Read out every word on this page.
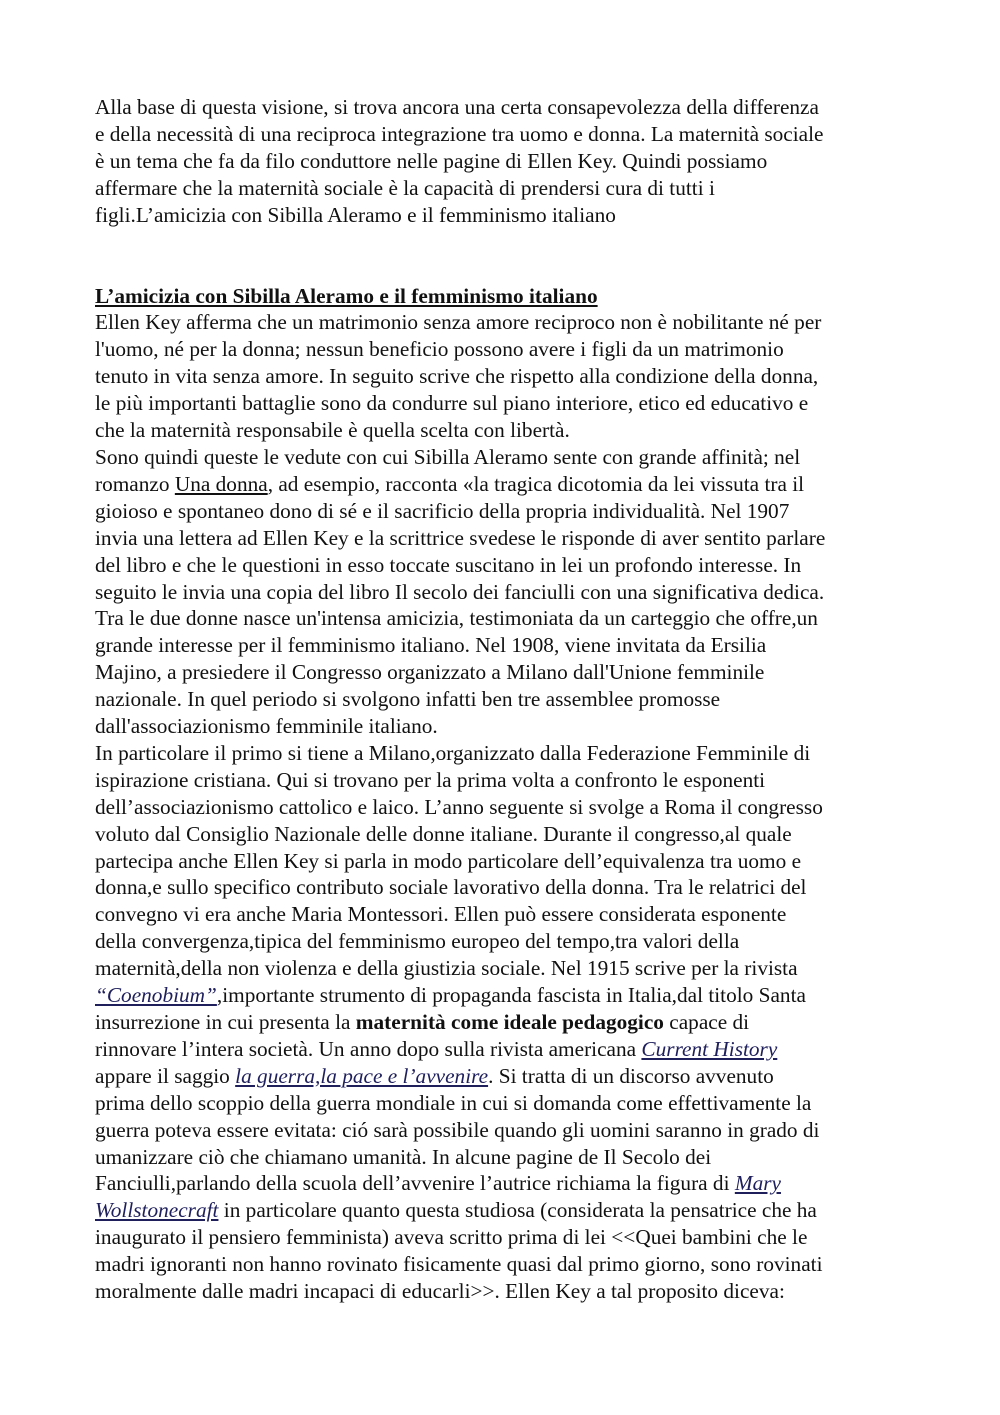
Alla base di questa visione, si trova ancora una certa consapevolezza della differenza
e della necessità di una reciproca integrazione tra uomo e donna. La maternità sociale
è un tema che fa da filo conduttore nelle pagine di Ellen Key. Quindi possiamo
affermare che la maternità sociale è la capacità di prendersi cura di tutti i
figli.L’amicizia con Sibilla Aleramo e il femminismo italiano

L’amicizia con Sibilla Aleramo e il femminismo italiano

Ellen Key afferma che un matrimonio senza amore reciproco non è nobilitante né per
l'uomo, né per la donna; nessun beneficio possono avere i figli da un matrimonio
tenuto in vita senza amore. In seguito scrive che rispetto alla condizione della donna,
le più importanti battaglie sono da condurre sul piano interiore, etico ed educativo e
che la maternità responsabile è quella scelta con libertà.

Sono quindi queste le vedute con cui Sibilla Aleramo sente con grande affinità; nel
romanzo Una donna, ad esempio, racconta «la tragica dicotomia da lei vissuta tra il
gioioso e spontaneo dono di sé e il sacrificio della propria individualità. Nel 1907
invia una lettera ad Ellen Key e la scrittrice svedese le risponde di aver sentito parlare
del libro e che le questioni in esso toccate suscitano in lei un profondo interesse. In
seguito le invia una copia del libro Il secolo dei fanciulli con una significativa dedica.
Tra le due donne nasce un'intensa amicizia, testimoniata da un carteggio che offre,un
grande interesse per il femminismo italiano. Nel 1908, viene invitata da Ersilia
Majino, a presiedere il Congresso organizzato a Milano dall'Unione femminile
nazionale. In quel periodo si svolgono infatti ben tre assemblee promosse
dall'associazionismo femminile italiano.

In particolare il primo si tiene a Milano,organizzato dalla Federazione Femminile di
ispirazione cristiana. Qui si trovano per la prima volta a confronto le esponenti
dell’associazionismo cattolico e laico. L’anno seguente si svolge a Roma il congresso
voluto dal Consiglio Nazionale delle donne italiane. Durante il congresso,al quale
partecipa anche Ellen Key si parla in modo particolare dell’equivalenza tra uomo e
donna,e sullo specifico contributo sociale lavorativo della donna. Tra le relatrici del
convegno vi era anche Maria Montessori. Ellen può essere considerata esponente
della convergenza,tipica del femminismo europeo del tempo,tra valori della
maternità,della non violenza e della giustizia sociale. Nel 1915 scrive per la rivista
“Coenobium”,importante strumento di propaganda fascista in Italia,dal titolo Santa
insurrezione in cui presenta la maternità come ideale pedagogico capace di
rinnovare l’intera società. Un anno dopo sulla rivista americana Current History
appare il saggio la guerra,la pace e l’avvenire. Si tratta di un discorso avvenuto
prima dello scoppio della guerra mondiale in cui si domanda come effettivamente la
guerra poteva essere evitata: ció sarà possibile quando gli uomini saranno in grado di
umanizzare ciò che chiamano umanità. In alcune pagine de Il Secolo dei
Fanciulli,parlando della scuola dell’avvenire l’autrice richiama la figura di Mary
Wollstonecraft in particolare quanto questa studiosa (considerata la pensatrice che ha
inaugurato il pensiero femminista) aveva scritto prima di lei <<Quei bambini che le
madri ignoranti non hanno rovinato fisicamente quasi dal primo giorno, sono rovinati
moralmente dalle madri incapaci di educarli>>. Ellen Key a tal proposito diceva:
